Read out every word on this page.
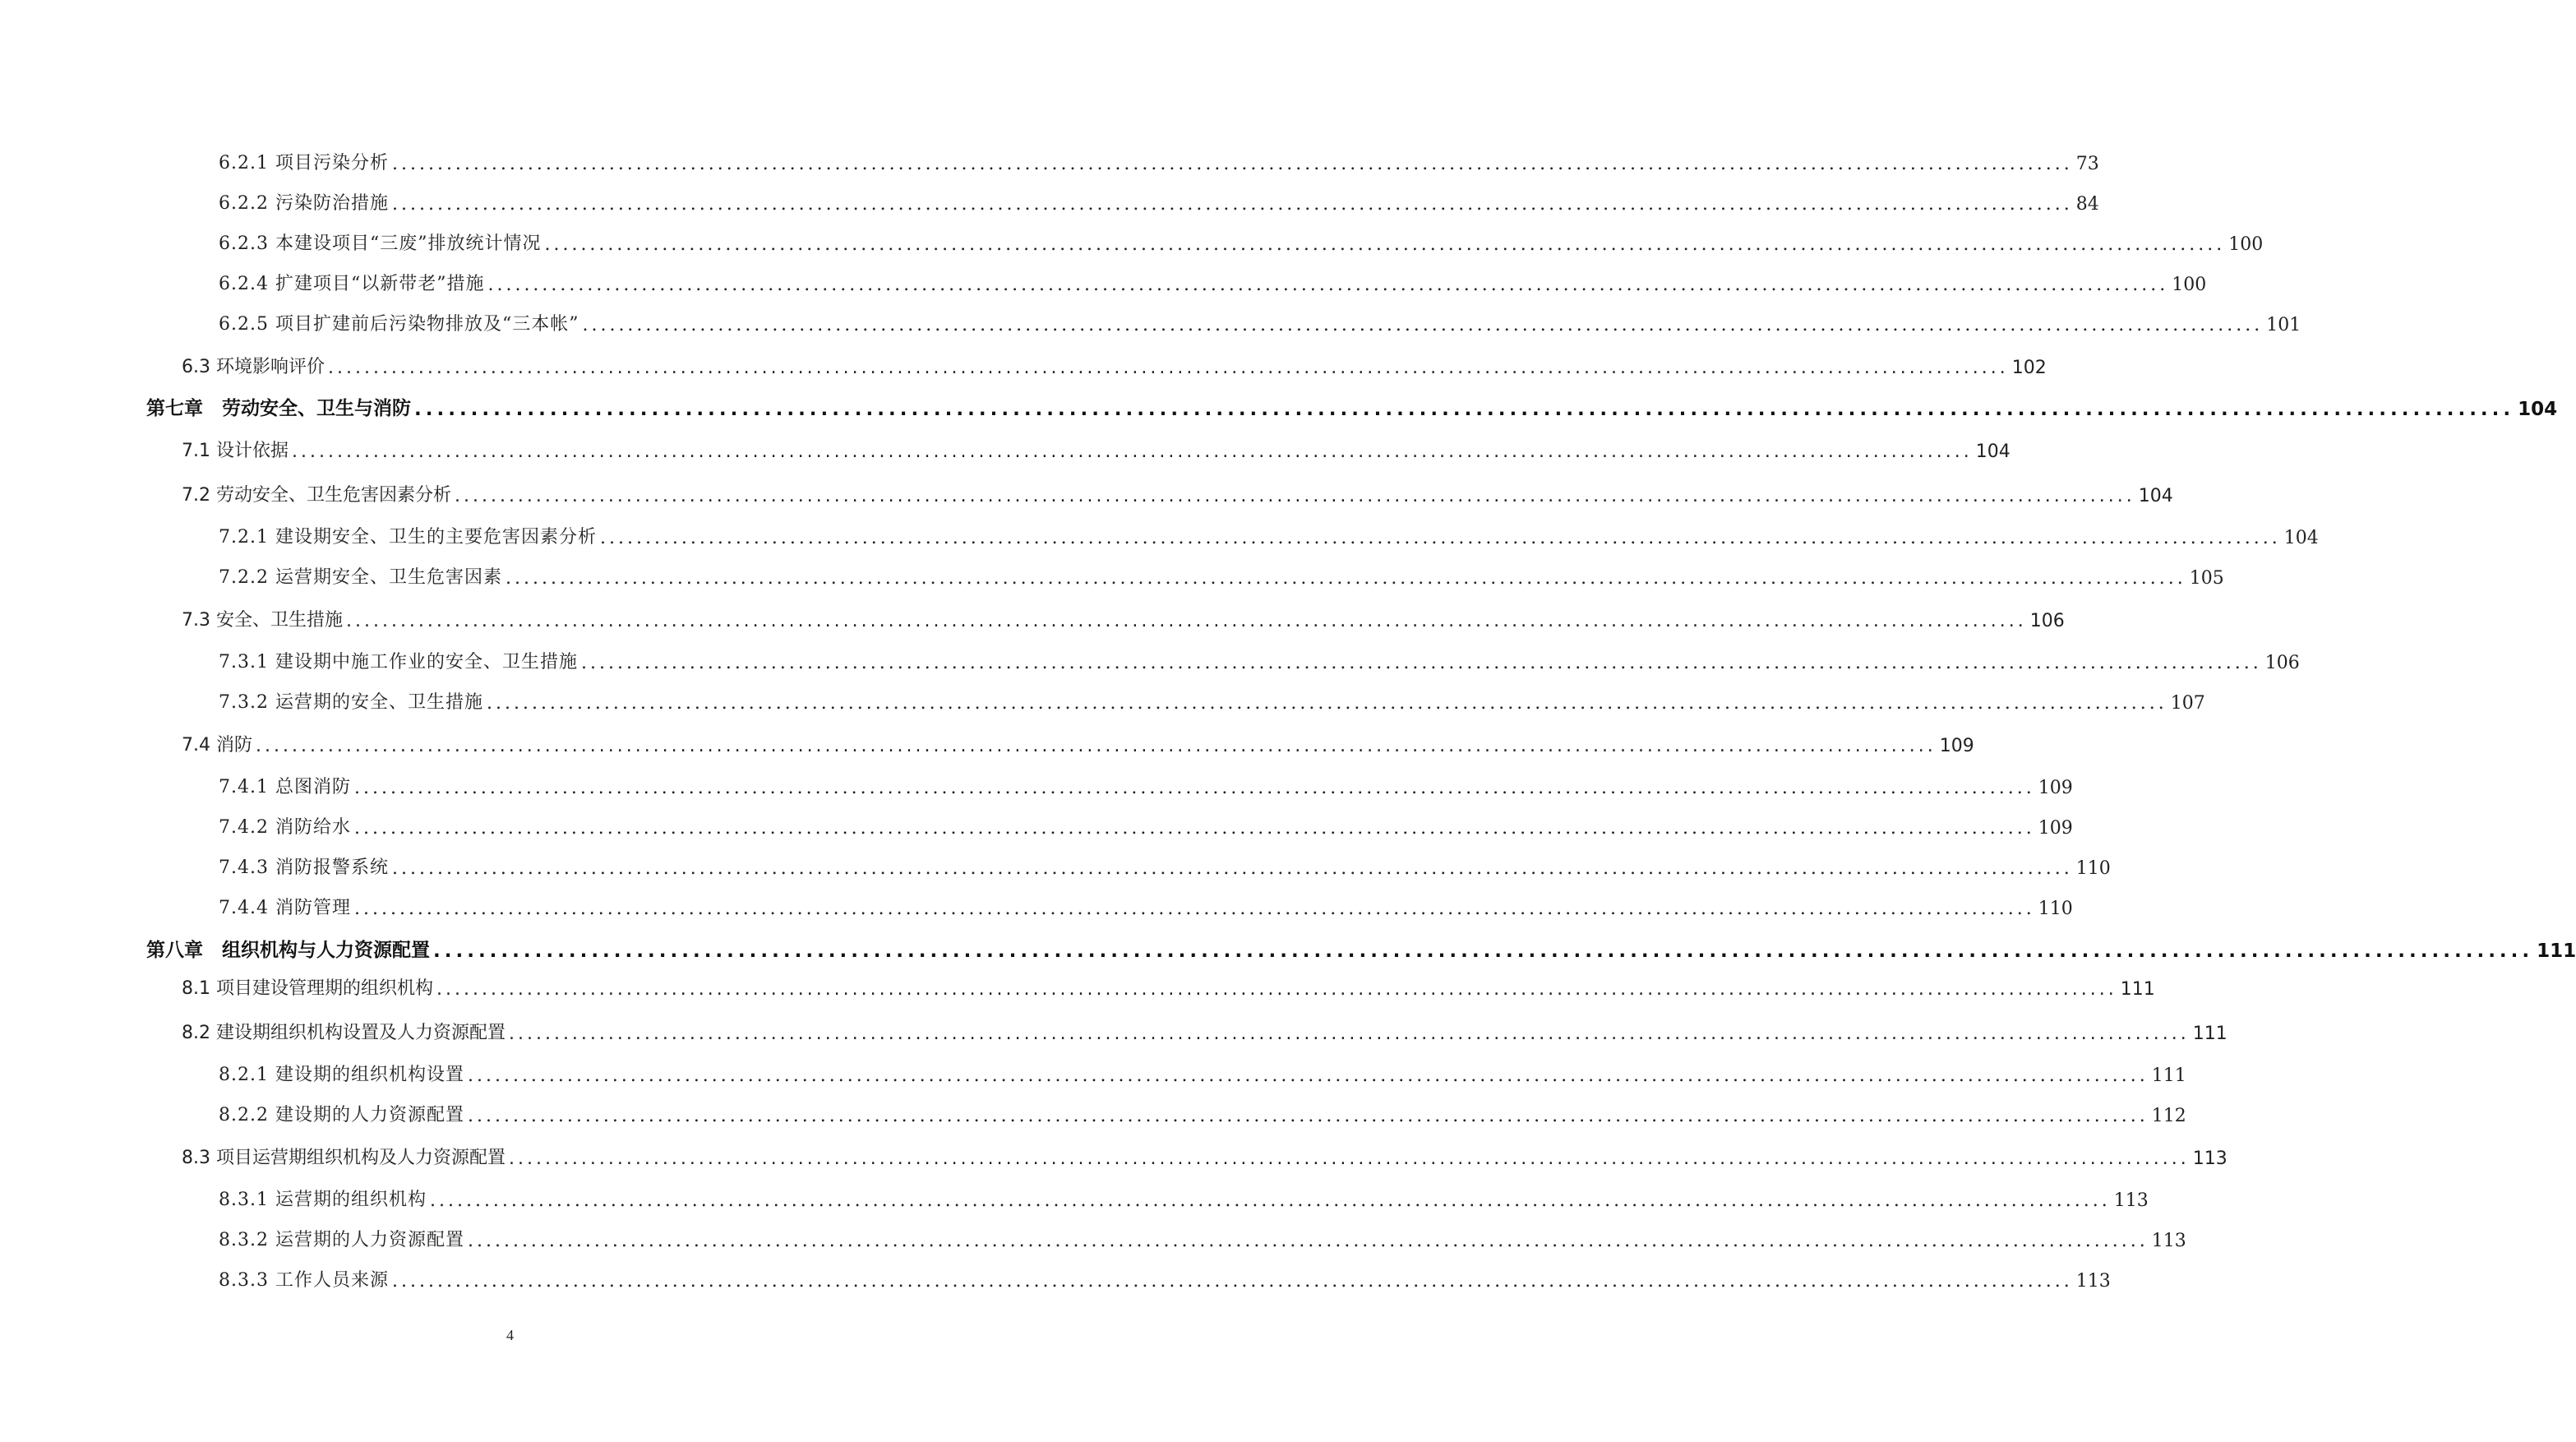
6.2.1 项目污染分析 .......................................................................................................................................................................................... 73
6.2.2 污染防治措施 .......................................................................................................................................................................................... 84
6.2.3 本建设项目“三废”排放统计情况 .......................................................................................................................................................................................... 100
6.2.4 扩建项目“以新带老”措施 .......................................................................................................................................................................................... 100
6.2.5 项目扩建前后污染物排放及“三本帐” .......................................................................................................................................................................................... 101
6.3 环境影响评价 .......................................................................................................................................................................................... 102
第七章　劳动安全、卫生与消防 .......................................................................................................................................................................................... 104
7.1 设计依据 .......................................................................................................................................................................................... 104
7.2 劳动安全、卫生危害因素分析 .......................................................................................................................................................................................... 104
7.2.1 建设期安全、卫生的主要危害因素分析 .......................................................................................................................................................................................... 104
7.2.2 运营期安全、卫生危害因素 .......................................................................................................................................................................................... 105
7.3 安全、卫生措施 .......................................................................................................................................................................................... 106
7.3.1 建设期中施工作业的安全、卫生措施 .......................................................................................................................................................................................... 106
7.3.2 运营期的安全、卫生措施 .......................................................................................................................................................................................... 107
7.4 消防 .......................................................................................................................................................................................... 109
7.4.1 总图消防 .......................................................................................................................................................................................... 109
7.4.2 消防给水 .......................................................................................................................................................................................... 109
7.4.3 消防报警系统 .......................................................................................................................................................................................... 110
7.4.4 消防管理 .......................................................................................................................................................................................... 110
第八章　组织机构与人力资源配置 .......................................................................................................................................................................................... 111
8.1 项目建设管理期的组织机构 .......................................................................................................................................................................................... 111
8.2 建设期组织机构设置及人力资源配置 .......................................................................................................................................................................................... 111
8.2.1 建设期的组织机构设置 .......................................................................................................................................................................................... 111
8.2.2 建设期的人力资源配置 .......................................................................................................................................................................................... 112
8.3 项目运营期组织机构及人力资源配置 .......................................................................................................................................................................................... 113
8.3.1 运营期的组织机构 .......................................................................................................................................................................................... 113
8.3.2 运营期的人力资源配置 .......................................................................................................................................................................................... 113
8.3.3 工作人员来源 .......................................................................................................................................................................................... 113
4
